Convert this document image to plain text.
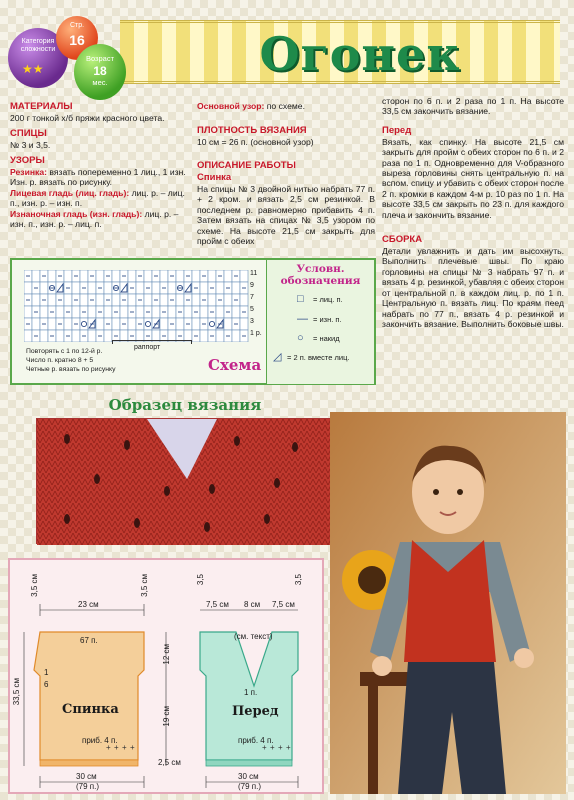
Огонек
Категория сложности
★★
Стр.
16
Возраст
18
мес.
МАТЕРИАЛЫ

200 г тонкой х/б пряжи красного цвета.

СПИЦЫ

№ 3 и 3,5.

УЗОРЫ

Резинка: вязать попеременно 1 лиц., 1 изн. Изн. р. вязать по рисунку.

Лицевая гладь (лиц. гладь): лиц. р. – лиц. п., изн. р. – изн. п.

Изнаночная гладь (изн. гладь): лиц. р. – изн. п., изн. р. – лиц. п.

Основной узор: по схеме.

ПЛОТНОСТЬ ВЯЗАНИЯ

10 см = 26 п. (основной узор)

ОПИСАНИЕ РАБОТЫ
Спинка

На спицы № 3 двойной нитью набрать 77 п. + 2 кром. и вязать 2,5 см резинкой. В последнем р. равномерно прибавить 4 п. Затем вязать на спицах № 3,5 узором по схеме. На высоте 21,5 см закрыть для пройм с обеих

сторон по 6 п. и 2 раза по 1 п. На высоте 33,5 см закончить вязание.

Перед

Вязать, как спинку. На высоте 21,5 см закрыть для пройм с обеих сторон по 6 п. и 2 раза по 1 п. Одновременно для V-образного выреза горловины снять центральную п. на вспом. спицу и убавить с обеих сторон после 2 п. кромки в каждом 4-м р. 10 раз по 1 п. На высоте 33,5 см закрыть по 23 п. для каждого плеча и закончить вязание.

СБОРКА

Детали увлажнить и дать им высохнуть. Выполнить плечевые швы. По краю горловины на спицы № 3 набрать 97 п. и вязать 4 р. резинкой, убавляя с обеих сторон от центральной п. в каждом лиц. р. по 1 п. Центральную п. вязать лиц. По краям пеед набрать по 77 п., вязать 4 р. резинкой и закончить вязание. Выполнить боковые швы.

11
9
7
5
3
1 р.
раппорт
Повторять с 1 по 12-й р.
Число п. кратно 8 + 5
Четные р. вязать по рисунку	Схема
Условн. обозначения
□	= лиц. п.
— = изн. п.
○	= накид
◿ = 2 п. вместе лиц.
Образец вязания
+ + + +	+ + + +
23 см
3,5 см	3,5 см
67 п.
1
6
Спинка
приб. 4 п.
30 см
(79 п.)
33,5 см
12 см
19 см
2,5 см
7,5 см 8 см 7,5 см
3,5	3,5
(см. текст)
1 п.
Перед
приб. 4 п.
30 см
(79 п.)
